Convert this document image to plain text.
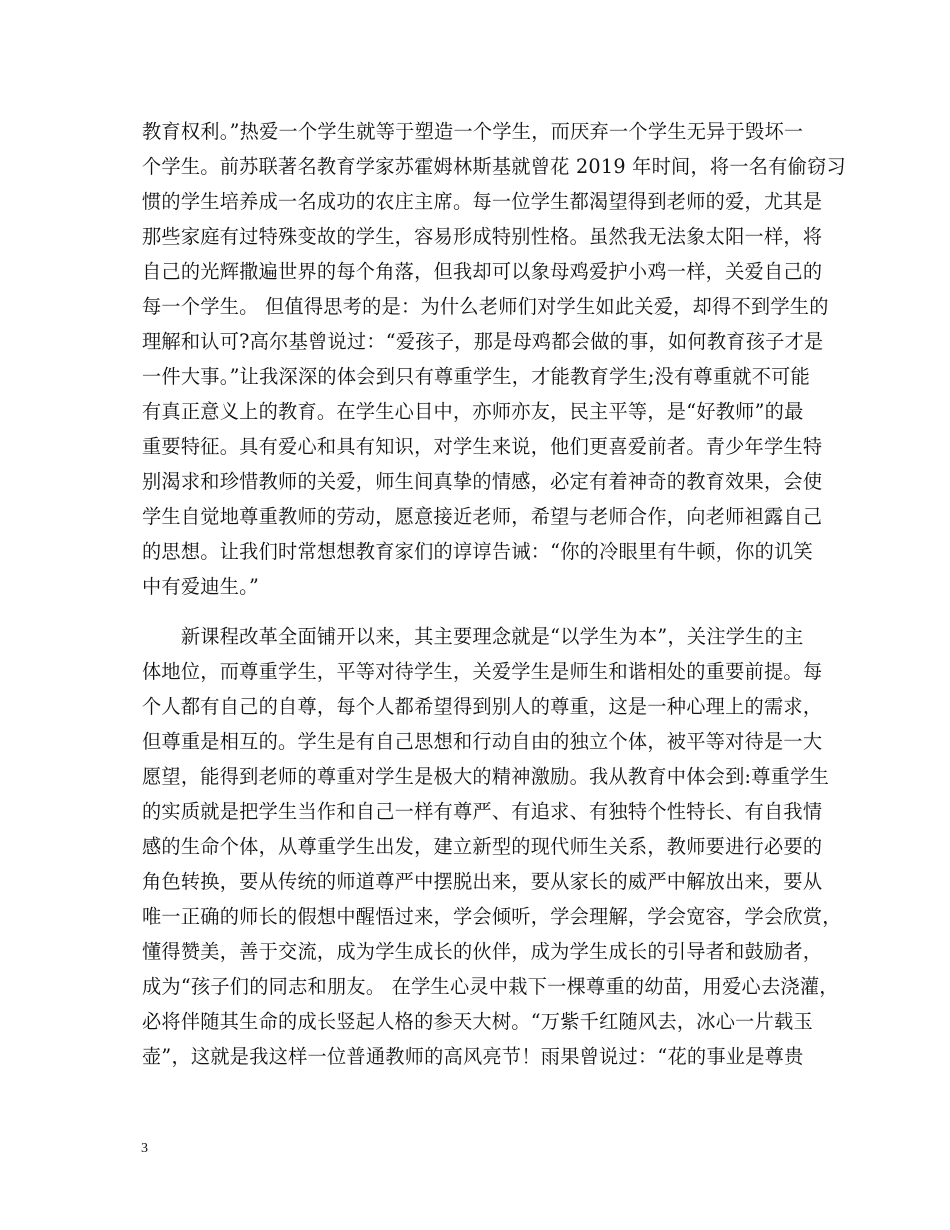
教育权利。”热爱一个学生就等于塑造一个学生，而厌弃一个学生无异于毁坏一
个学生。前苏联著名教育学家苏霍姆林斯基就曾花 2019 年时间，将一名有偷窃习
惯的学生培养成一名成功的农庄主席。每一位学生都渴望得到老师的爱，尤其是
那些家庭有过特殊变故的学生，容易形成特别性格。虽然我无法象太阳一样，将
自己的光辉撒遍世界的每个角落，但我却可以象母鸡爱护小鸡一样，关爱自己的
每一个学生。 但值得思考的是：为什么老师们对学生如此关爱，却得不到学生的
理解和认可?高尔基曾说过：“爱孩子，那是母鸡都会做的事，如何教育孩子才是
一件大事。”让我深深的体会到只有尊重学生，才能教育学生;没有尊重就不可能
有真正意义上的教育。在学生心目中，亦师亦友，民主平等，是“好教师”的最
重要特征。具有爱心和具有知识，对学生来说，他们更喜爱前者。青少年学生特
别渴求和珍惜教师的关爱，师生间真挚的情感，必定有着神奇的教育效果，会使
学生自觉地尊重教师的劳动，愿意接近老师，希望与老师合作，向老师袒露自己
的思想。让我们时常想想教育家们的谆谆告诫：“你的冷眼里有牛顿，你的讥笑
中有爱迪生。”
　　新课程改革全面铺开以来，其主要理念就是“以学生为本”，关注学生的主
体地位，而尊重学生，平等对待学生，关爱学生是师生和谐相处的重要前提。每
个人都有自己的自尊，每个人都希望得到别人的尊重，这是一种心理上的需求，
但尊重是相互的。学生是有自己思想和行动自由的独立个体，被平等对待是一大
愿望，能得到老师的尊重对学生是极大的精神激励。我从教育中体会到:尊重学生
的实质就是把学生当作和自己一样有尊严、有追求、有独特个性特长、有自我情
感的生命个体，从尊重学生出发，建立新型的现代师生关系，教师要进行必要的
角色转换，要从传统的师道尊严中摆脱出来，要从家长的威严中解放出来，要从
唯一正确的师长的假想中醒悟过来，学会倾听，学会理解，学会宽容，学会欣赏，
懂得赞美，善于交流，成为学生成长的伙伴，成为学生成长的引导者和鼓励者，
成为“孩子们的同志和朋友。 在学生心灵中栽下一棵尊重的幼苗，用爱心去浇灌，
必将伴随其生命的成长竖起人格的参天大树。“万紫千红随风去，冰心一片载玉
壶”，这就是我这样一位普通教师的高风亮节！雨果曾说过：“花的事业是尊贵
3
